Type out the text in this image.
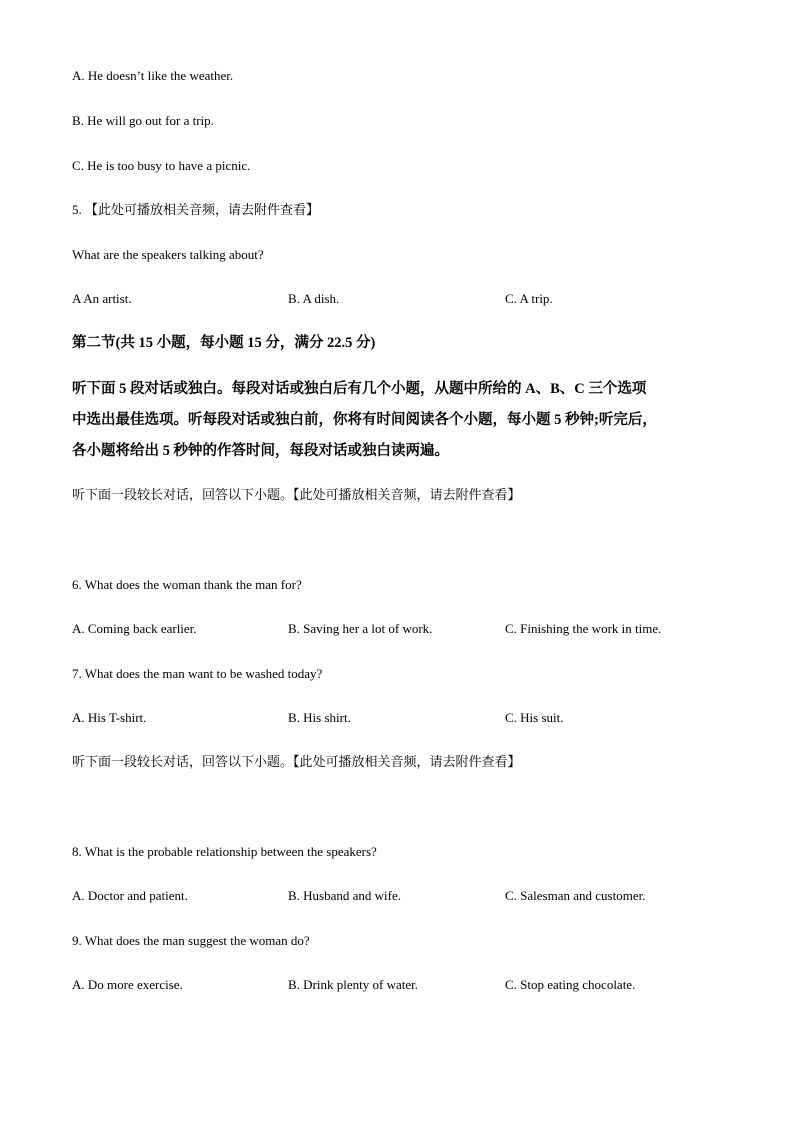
A. He doesn’t like the weather.
B. He will go out for a trip.
C. He is too busy to have a picnic.
5. 【此处可播放相关音频，请去附件查看】
What are the speakers talking about?
A An artist.	B. A dish.	C. A trip.
第二节(共 15 小题，每小题 15 分，满分 22.5 分)
听下面 5 段对话或独白。每段对话或独白后有几个小题，从题中所给的 A、B、C 三个选项
中选出最佳选项。听每段对话或独白前，你将有时间阅读各个小题，每小题 5 秒钟;听完后，
各小题将给出 5 秒钟的作答时间，每段对话或独白读两遍。
听下面一段较长对话，回答以下小题。【此处可播放相关音频，请去附件查看】
6. What does the woman thank the man for?
A. Coming back earlier.	B. Saving her a lot of work.	C. Finishing the work in time.
7. What does the man want to be washed today?
A. His T-shirt.	B. His shirt.	C. His suit.
听下面一段较长对话，回答以下小题。【此处可播放相关音频，请去附件查看】
8. What is the probable relationship between the speakers?
A. Doctor and patient.	B. Husband and wife.	C. Salesman and customer.
9. What does the man suggest the woman do?
A. Do more exercise.	B. Drink plenty of water.	C. Stop eating chocolate.
